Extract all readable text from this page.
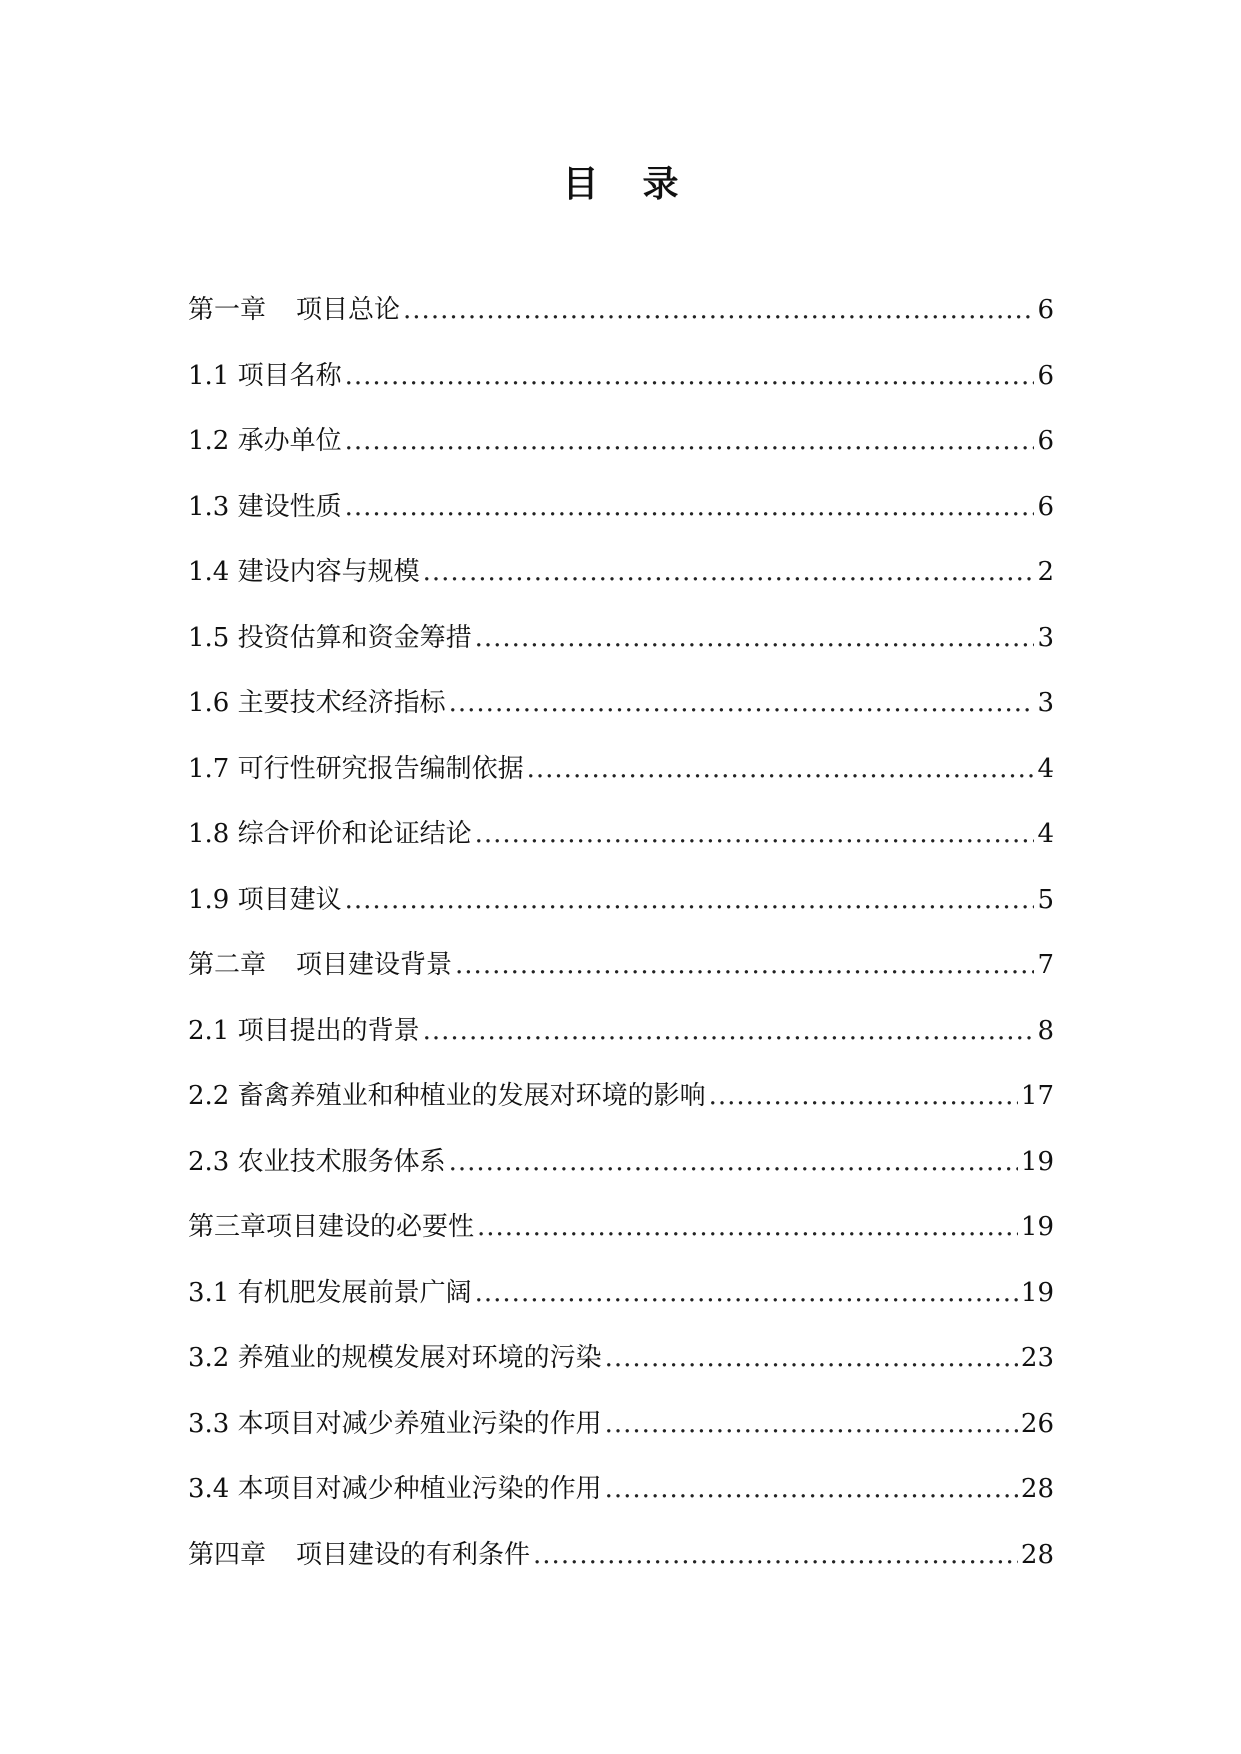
目 录
第一章 项目总论 .....	6
1.1 项目名称 .....	6
1.2 承办单位 .....	6
1.3 建设性质 .....	6
1.4 建设内容与规模 .....	2
1.5 投资估算和资金筹措 .....	3
1.6 主要技术经济指标 .....	3
1.7 可行性研究报告编制依据 .....	4
1.8 综合评价和论证结论 .....	4
1.9 项目建议 .....	5
第二章 项目建设背景 .....	7
2.1 项目提出的背景 .....	8
2.2 畜禽养殖业和种植业的发展对环境的影响 .....	17
2.3 农业技术服务体系 .....	19
第三章项目建设的必要性 .....	19
3.1 有机肥发展前景广阔 .....	19
3.2 养殖业的规模发展对环境的污染 .....	23
3.3 本项目对减少养殖业污染的作用 .....	26
3.4 本项目对减少种植业污染的作用 .....	28
第四章 项目建设的有利条件 .....	28
